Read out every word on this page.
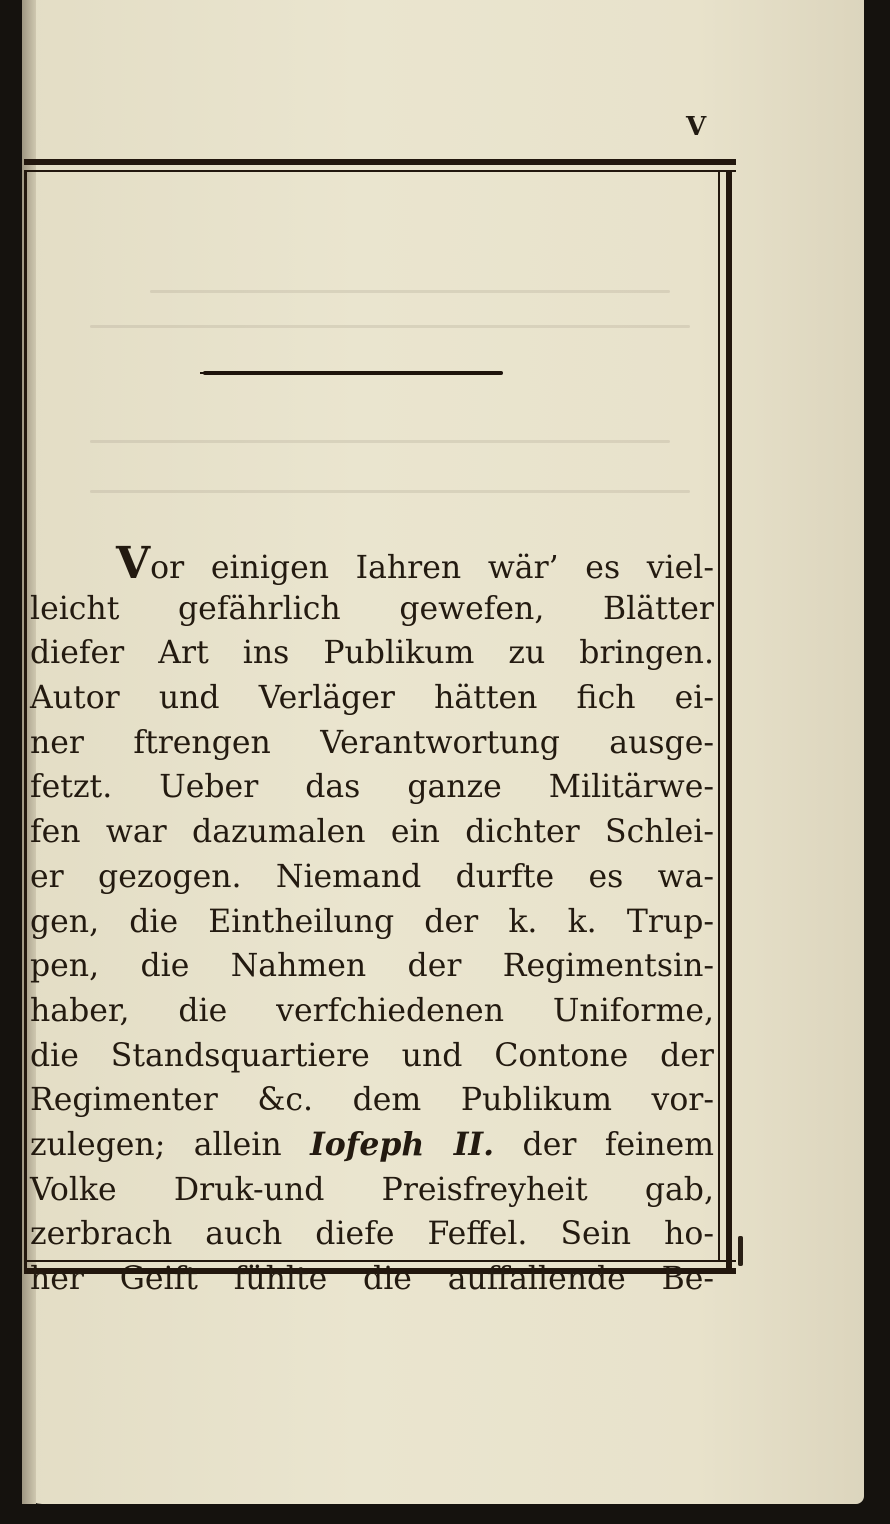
V
Vor einigen Iahren wär’ es viel-
leicht gefährlich gewefen, Blätter
diefer Art ins Publikum zu bringen.
Autor und Verläger hätten fich ei-
ner ftrengen Verantwortung ausge-
fetzt. Ueber das ganze Militärwe-
fen war dazumalen ein dichter Schlei-
er gezogen. Niemand durfte es wa-
gen, die Eintheilung der k. k. Trup-
pen, die Nahmen der Regimentsin-
haber, die verfchiedenen Uniforme,
die Standsquartiere und Contone der
Regimenter &c. dem Publikum vor-
zulegen; allein Iofeph II. der feinem
Volke Druk-und Preisfreyheit gab,
zerbrach auch diefe Feffel. Sein ho-
her Geift fühlte die auffallende Be-
